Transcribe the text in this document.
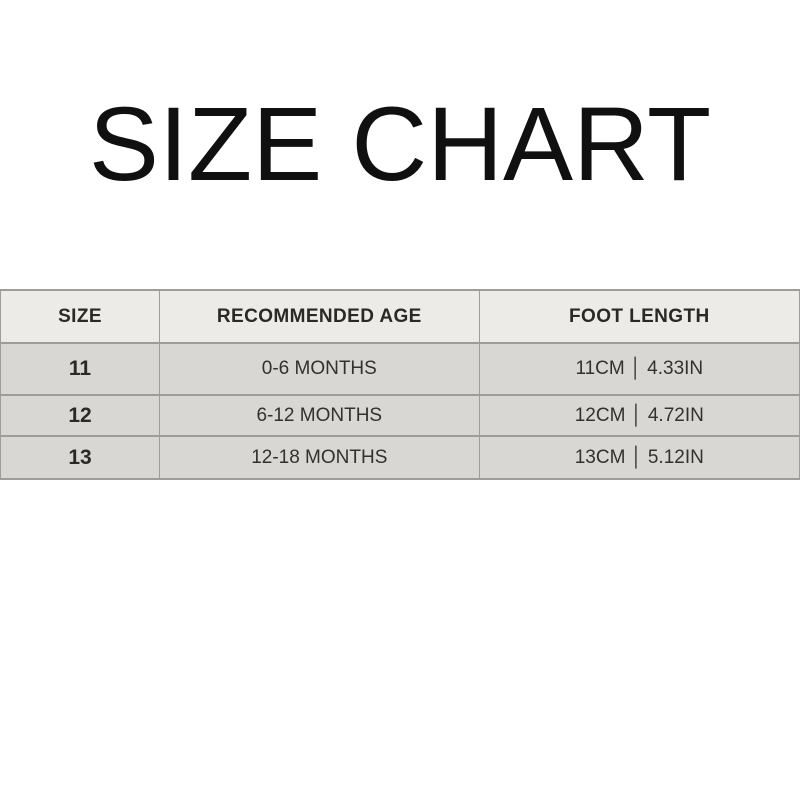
SIZE CHART
SIZE	RECOMMENDED AGE	FOOT LENGTH
11	0-6 MONTHS	11CM │ 4.33IN
12	6-12 MONTHS	12CM │ 4.72IN
13	12-18 MONTHS	13CM │ 5.12IN
